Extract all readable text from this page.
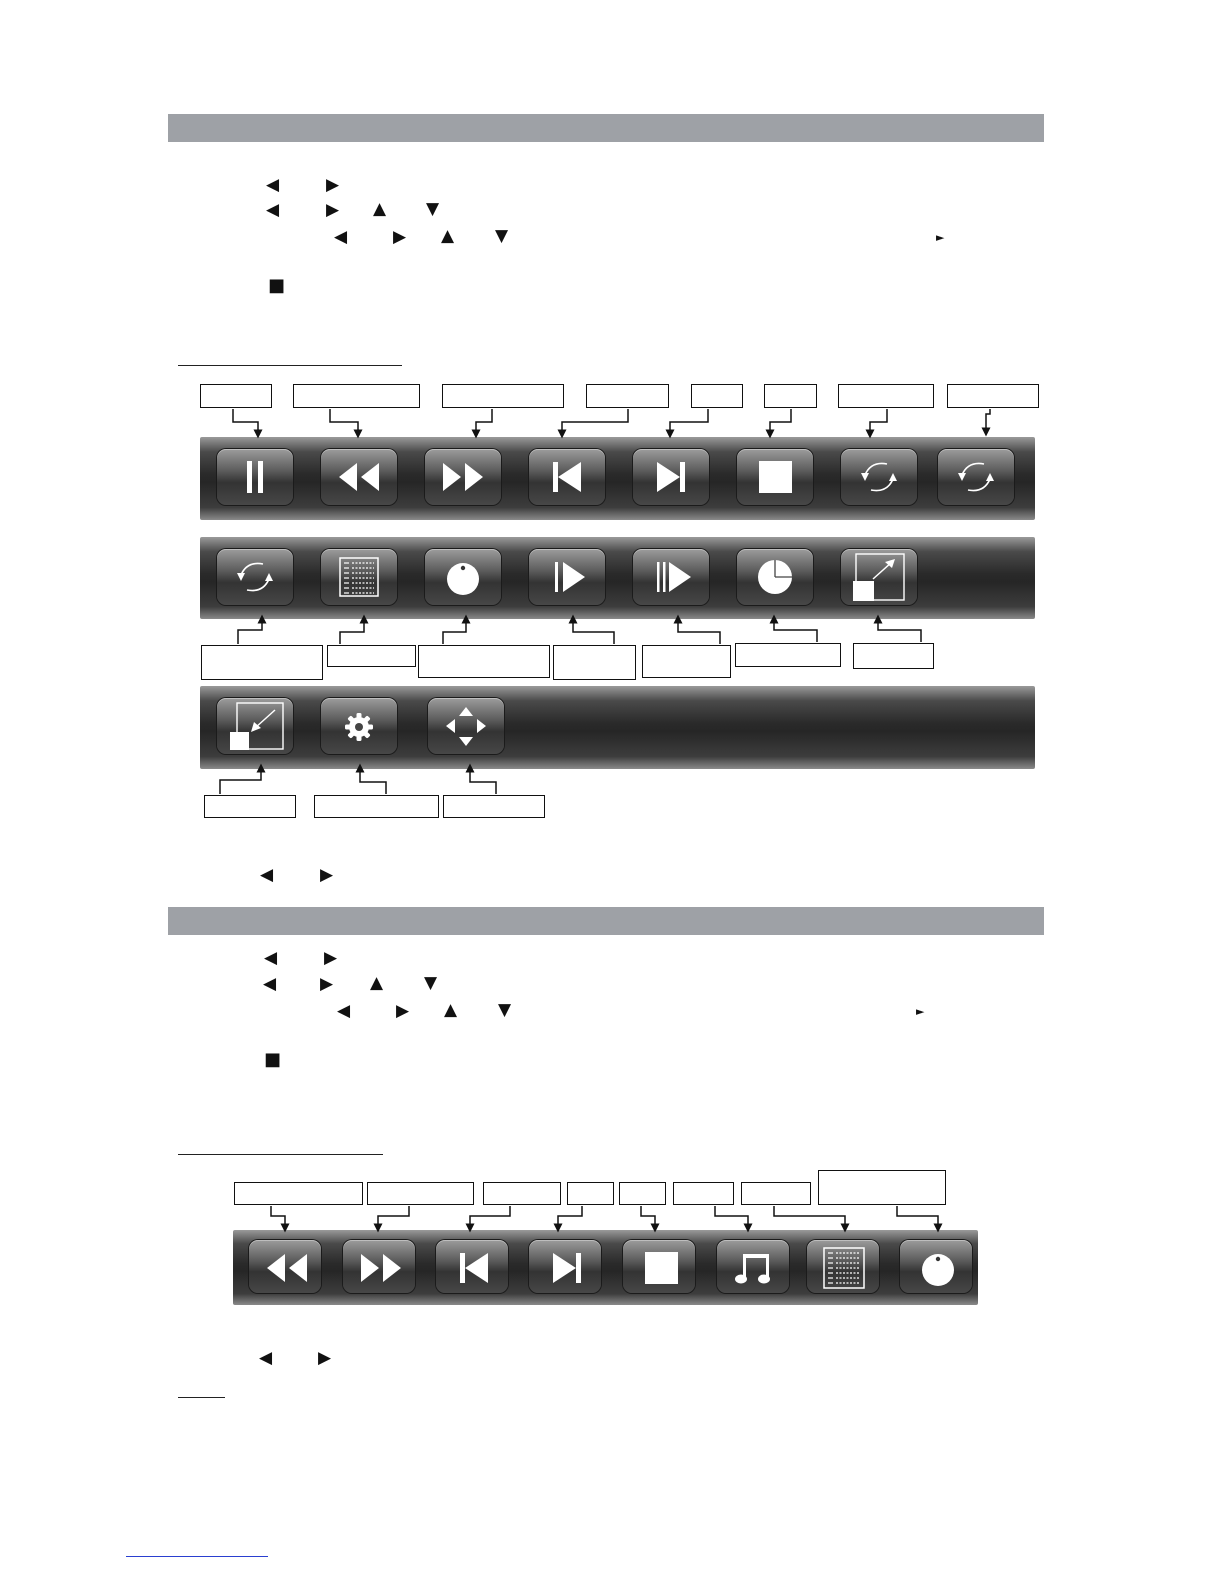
◀	▶
◀	▶ ▲ ▼
◀	▶ ▲ ▼	►
■
◀	▶
◀	▶
◀	▶ ▲ ▼
◀	▶ ▲ ▼	►
■
◀	▶
